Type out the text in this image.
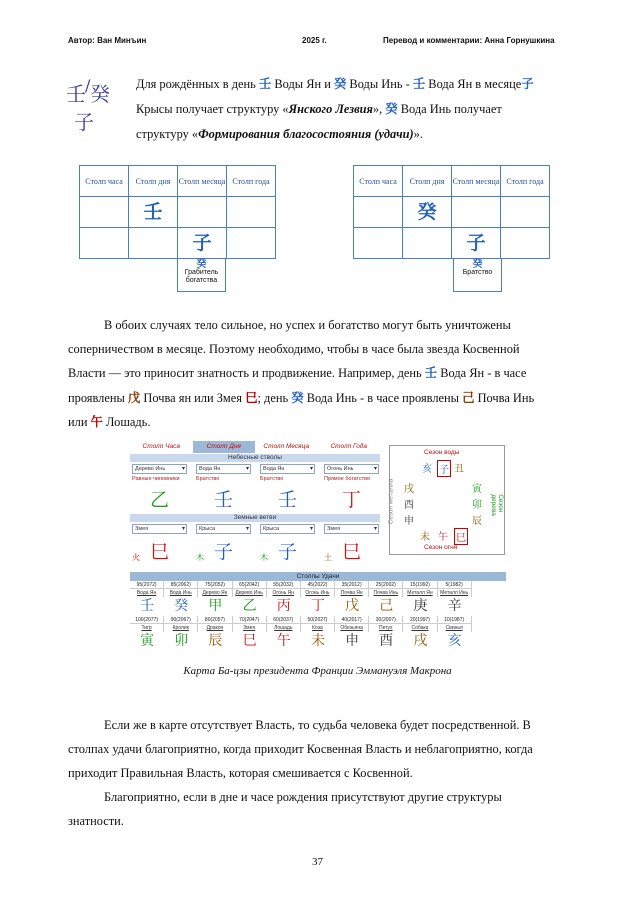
Автор: Ван Минъин	2025 г.	Перевод и комментарии: Анна Горнушкина
壬 / 癸
子
Для рождённых в день 壬 Воды Ян и 癸 Воды Инь - 壬 Вода Ян в месяце子
Крысы получает структуру «Янского Лезвия», 癸 Вода Инь получает
структуру «Формирования благосостояния (удачи)».
Столп часа	Столп дня	Столп месяца	Столп года
	壬		
		子	
癸
Грабитель богатства
Столп часа	Столп дня	Столп месяца	Столп года
	癸		
		子	
癸
Братство
В обоих случаях тело сильное, но успех и богатство могут быть уничтожены
соперничеством в месяце. Поэтому необходимо, чтобы в часе была звезда Косвенной
Власти — это приносит знатность и продвижение. Например, день 壬 Вода Ян - в часе
проявлены 戊 Почва ян или Змея 巳; день 癸 Вода Инь - в часе проявлены 己 Почва Инь
или 午 Лошадь.
Столп Часа	Столп Дня	Столп Месяца	Столп Года
Небесные стволы
Дерево Инь ▾	Вода Ян ▾	Вода Ян ▾	Огонь Инь ▾
Равные чиновники	Братство	Братство	Прямое богатство
乙 壬 壬 丁
Земные ветви
Змея ▾	Крыса ▾	Крыса ▾	Змея ▾
火	木	木	土
巳 子 子 巳
Сезон воды
Сезон огня
Сезон металла	Сезон дерева
亥 子 丑
戌
酉
申
寅
卯
辰
未 午 巳
Столпы Удачи
95(2072)	85(2062)	75(2052)	65(2042)	55(2032)	45(2022)	35(2012)	25(2002)	15(1992)	5(1982)
Вода Ян	Вода Инь	Дерево Ян	Дерево Инь	Огонь Ян	Огонь Инь	Почва Ян	Почва Инь	Металл Ян	Металл Инь
壬	癸	甲	乙	丙	丁	戊	己	庚	辛
100(2077)	90(2067)	80(2057)	70(2047)	60(2037)	50(2027)	40(2017)	30(2007)	20(1997)	10(1987)
Тигр	Кролик	Дракон	Змея	Лошадь	Коза	Обезьяна	Петух	Собака	Свинья
寅	卯	辰	巳	午	未	申	酉	戌	亥
Карта Ба-цзы президента Франции Эммануэля Макрона
Если же в карте отсутствует Власть, то судьба человека будет посредственной. В
столпах удачи благоприятно, когда приходит Косвенная Власть и неблагоприятно, когда
приходит Правильная Власть, которая смешивается с Косвенной.
Благоприятно, если в дне и часе рождения присутствуют другие структуры
знатности.
37
